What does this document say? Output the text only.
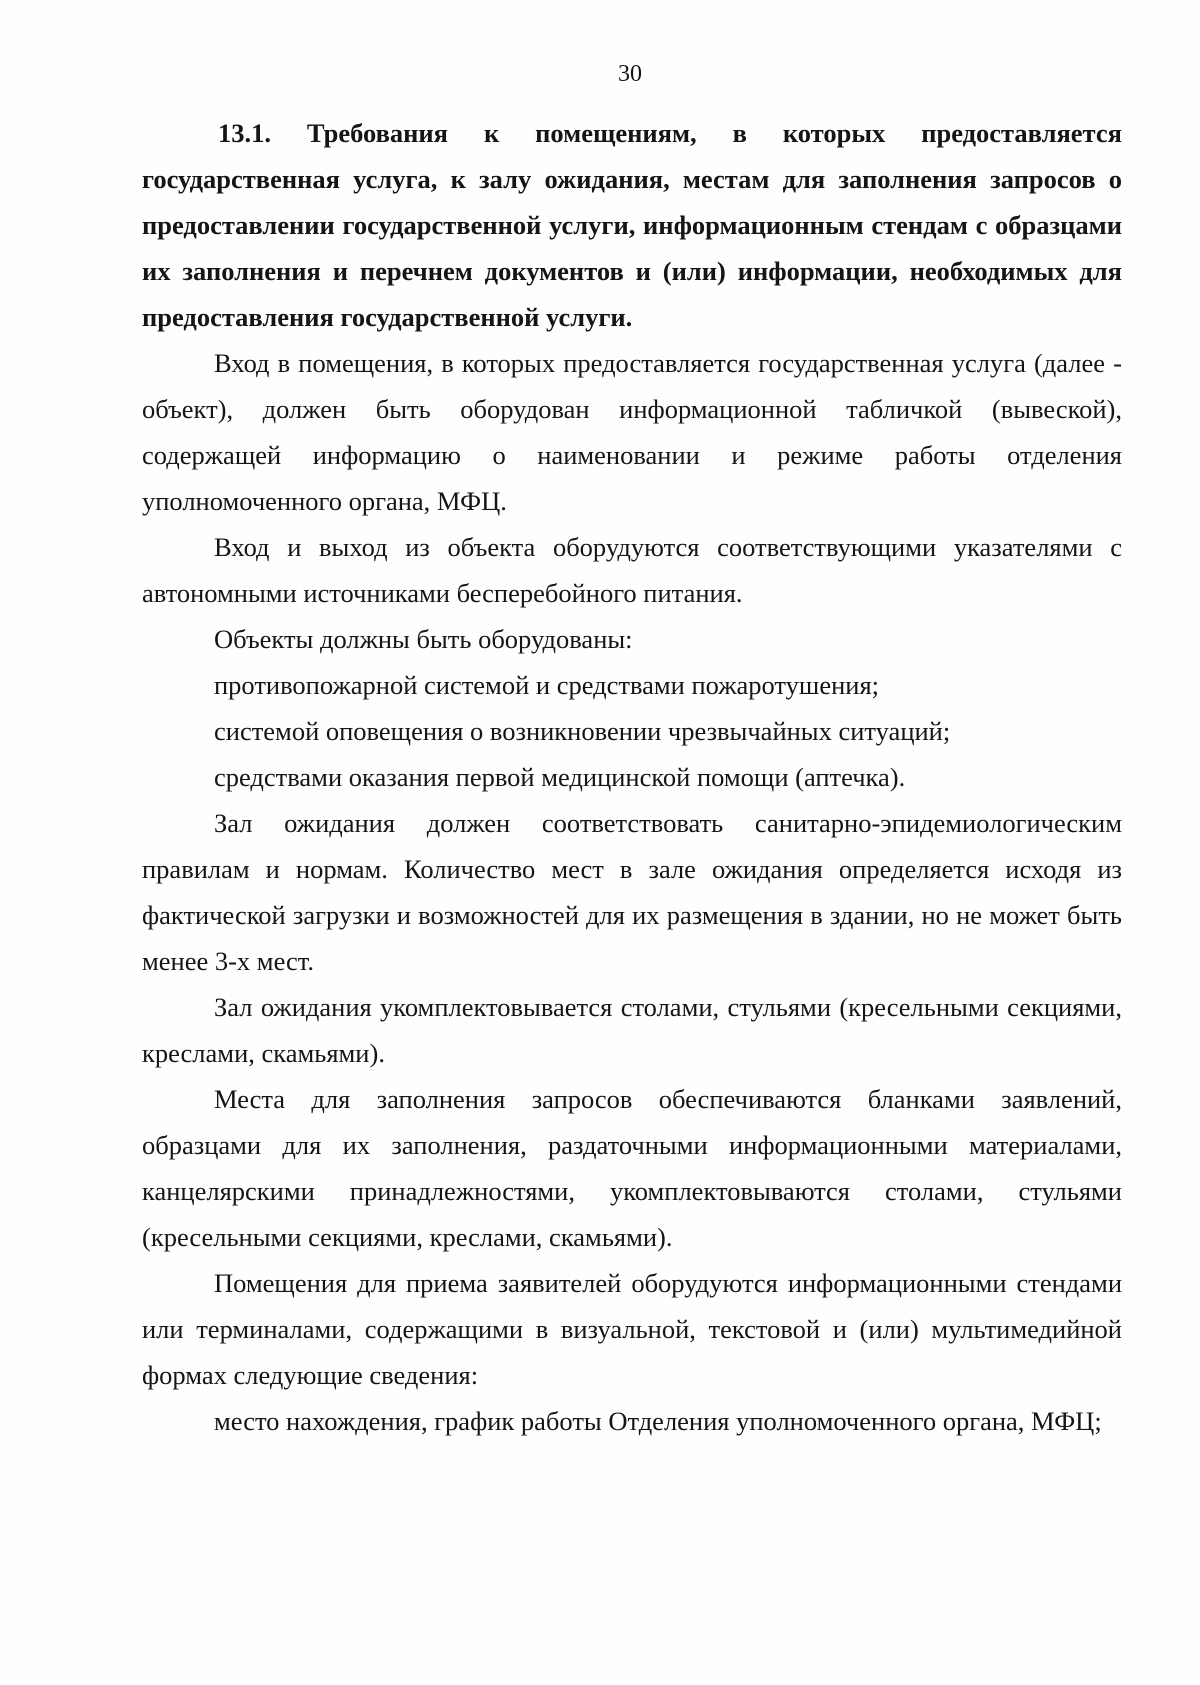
30

13.1. Требования к помещениям, в которых предоставляется государственная услуга, к залу ожидания, местам для заполнения запросов о предоставлении государственной услуги, информационным стендам с образцами их заполнения и перечнем документов и (или) информации, необходимых для предоставления государственной услуги.

Вход в помещения, в которых предоставляется государственная услуга (далее - объект), должен быть оборудован информационной табличкой (вывеской), содержащей информацию о наименовании и режиме работы отделения уполномоченного органа, МФЦ.

Вход и выход из объекта оборудуются соответствующими указателями с автономными источниками бесперебойного питания.

Объекты должны быть оборудованы:

противопожарной системой и средствами пожаротушения;

системой оповещения о возникновении чрезвычайных ситуаций;

средствами оказания первой медицинской помощи (аптечка).

Зал ожидания должен соответствовать санитарно-эпидемиологическим правилам и нормам. Количество мест в зале ожидания определяется исходя из фактической загрузки и возможностей для их размещения в здании, но не может быть менее 3-х мест.

Зал ожидания укомплектовывается столами, стульями (кресельными секциями, креслами, скамьями).

Места для заполнения запросов обеспечиваются бланками заявлений, образцами для их заполнения, раздаточными информационными материалами, канцелярскими принадлежностями, укомплектовываются столами, стульями (кресельными секциями, креслами, скамьями).

Помещения для приема заявителей оборудуются информационными стендами или терминалами, содержащими в визуальной, текстовой и (или) мультимедийной формах следующие сведения:

место нахождения, график работы Отделения уполномоченного органа, МФЦ;
